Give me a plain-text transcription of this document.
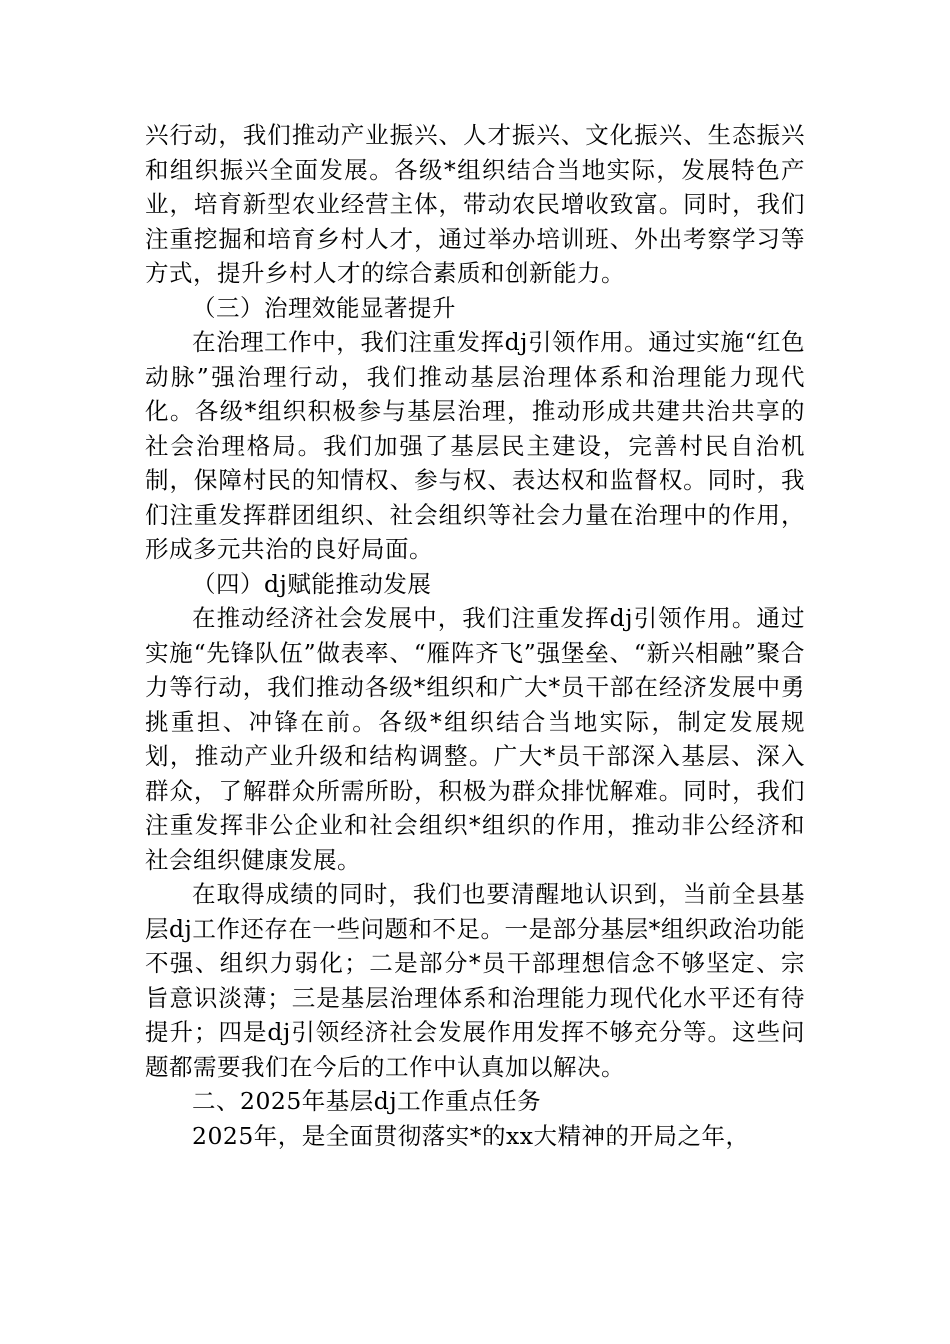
兴行动，我们推动产业振兴、人才振兴、文化振兴、生态振兴和组织振兴全面发展。各级*组织结合当地实际，发展特色产业，培育新型农业经营主体，带动农民增收致富。同时，我们注重挖掘和培育乡村人才，通过举办培训班、外出考察学习等方式，提升乡村人才的综合素质和创新能力。

（三）治理效能显著提升

在治理工作中，我们注重发挥dj引领作用。通过实施“红色动脉”强治理行动，我们推动基层治理体系和治理能力现代化。各级*组织积极参与基层治理，推动形成共建共治共享的社会治理格局。我们加强了基层民主建设，完善村民自治机制，保障村民的知情权、参与权、表达权和监督权。同时，我们注重发挥群团组织、社会组织等社会力量在治理中的作用，形成多元共治的良好局面。

（四）dj赋能推动发展

在推动经济社会发展中，我们注重发挥dj引领作用。通过实施“先锋队伍”做表率、“雁阵齐飞”强堡垒、“新兴相融”聚合力等行动，我们推动各级*组织和广大*员干部在经济发展中勇挑重担、冲锋在前。各级*组织结合当地实际，制定发展规划，推动产业升级和结构调整。广大*员干部深入基层、深入群众，了解群众所需所盼，积极为群众排忧解难。同时，我们注重发挥非公企业和社会组织*组织的作用，推动非公经济和社会组织健康发展。

在取得成绩的同时，我们也要清醒地认识到，当前全县基层dj工作还存在一些问题和不足。一是部分基层*组织政治功能不强、组织力弱化；二是部分*员干部理想信念不够坚定、宗旨意识淡薄；三是基层治理体系和治理能力现代化水平还有待提升；四是dj引领经济社会发展作用发挥不够充分等。这些问题都需要我们在今后的工作中认真加以解决。

二、2025年基层dj工作重点任务

2025年，是全面贯彻落实*的xx大精神的开局之年，
